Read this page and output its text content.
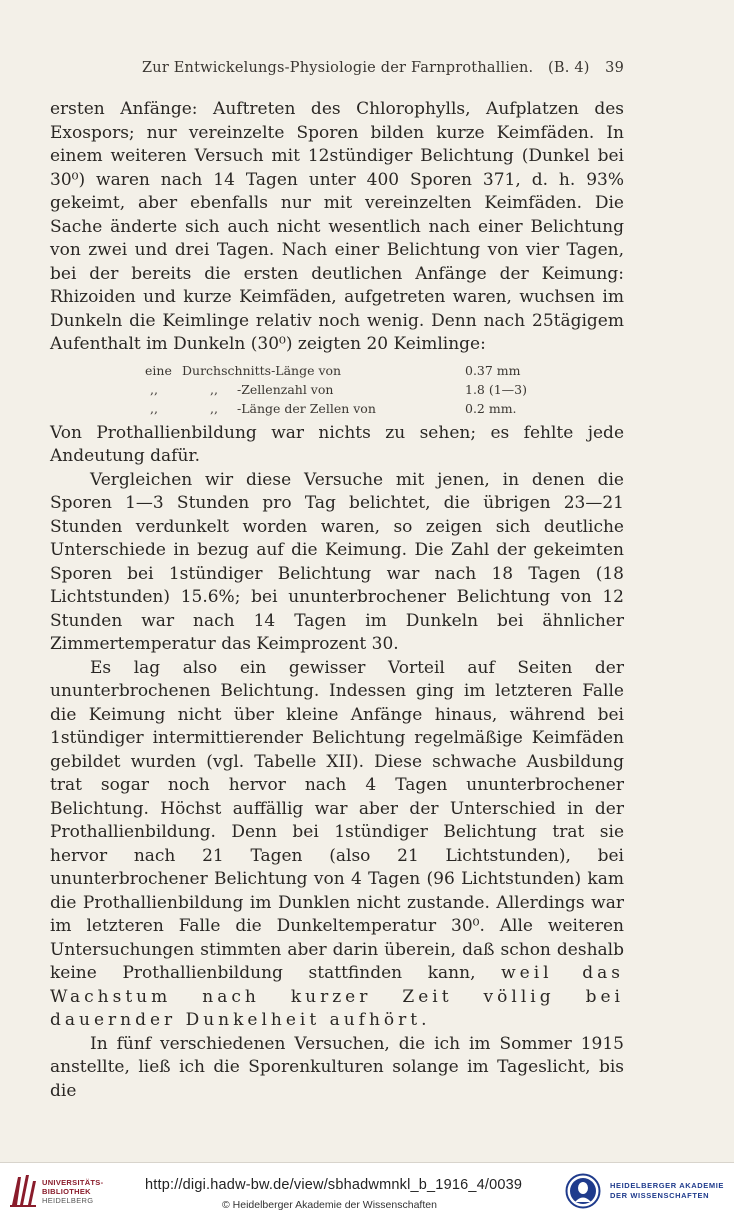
Zur Entwickelungs-Physiologie der Farnprothallien. (B. 4) 39

ersten Anfänge: Auftreten des Chlorophylls, Aufplatzen des Exospors; nur vereinzelte Sporen bilden kurze Keimfäden. In einem weiteren Versuch mit 12stündiger Belichtung (Dunkel bei 30⁰) waren nach 14 Tagen unter 400 Sporen 371, d. h. 93% gekeimt, aber ebenfalls nur mit vereinzelten Keimfäden. Die Sache änderte sich auch nicht wesentlich nach einer Belichtung von zwei und drei Tagen. Nach einer Belichtung von vier Tagen, bei der bereits die ersten deutlichen Anfänge der Keimung: Rhizoiden und kurze Keimfäden, aufgetreten waren, wuchsen im Dunkeln die Keimlinge relativ noch wenig. Denn nach 25tägigem Aufenthalt im Dunkeln (30⁰) zeigten 20 Keimlinge:

eine Durchschnitts-Länge von	0.37 mm
,,	,, -Zellenzahl von	1.8 (1—3)
,,	,, -Länge der Zellen von	0.2 mm.

Von Prothallienbildung war nichts zu sehen; es fehlte jede Andeutung dafür.

Vergleichen wir diese Versuche mit jenen, in denen die Sporen 1—3 Stunden pro Tag belichtet, die übrigen 23—21 Stunden verdunkelt worden waren, so zeigen sich deutliche Unterschiede in bezug auf die Keimung. Die Zahl der gekeimten Sporen bei 1stündiger Belichtung war nach 18 Tagen (18 Lichtstunden) 15.6%; bei ununterbrochener Belichtung von 12 Stunden war nach 14 Tagen im Dunkeln bei ähnlicher Zimmertemperatur das Keimprozent 30.

Es lag also ein gewisser Vorteil auf Seiten der ununterbrochenen Belichtung. Indessen ging im letzteren Falle die Keimung nicht über kleine Anfänge hinaus, während bei 1stündiger intermittierender Belichtung regelmäßige Keimfäden gebildet wurden (vgl. Tabelle XII). Diese schwache Ausbildung trat sogar noch hervor nach 4 Tagen ununterbrochener Belichtung. Höchst auffällig war aber der Unterschied in der Prothallienbildung. Denn bei 1stündiger Belichtung trat sie hervor nach 21 Tagen (also 21 Lichtstunden), bei ununterbrochener Belichtung von 4 Tagen (96 Lichtstunden) kam die Prothallienbildung im Dunklen nicht zustande. Allerdings war im letzteren Falle die Dunkeltemperatur 30⁰. Alle weiteren Untersuchungen stimmten aber darin überein, daß schon deshalb keine Prothallienbildung stattfinden kann, weil das Wachstum nach kurzer Zeit völlig bei dauernder Dunkelheit aufhört.

In fünf verschiedenen Versuchen, die ich im Sommer 1915 anstellte, ließ ich die Sporenkulturen solange im Tageslicht, bis die

UNIVERSITÄTS-
BIBLIOTHEK
HEIDELBERG
http://digi.hadw-bw.de/view/sbhadwmnkl_b_1916_4/0039
© Heidelberger Akademie der Wissenschaften
HEIDELBERGER AKADEMIE
DER WISSENSCHAFTEN
